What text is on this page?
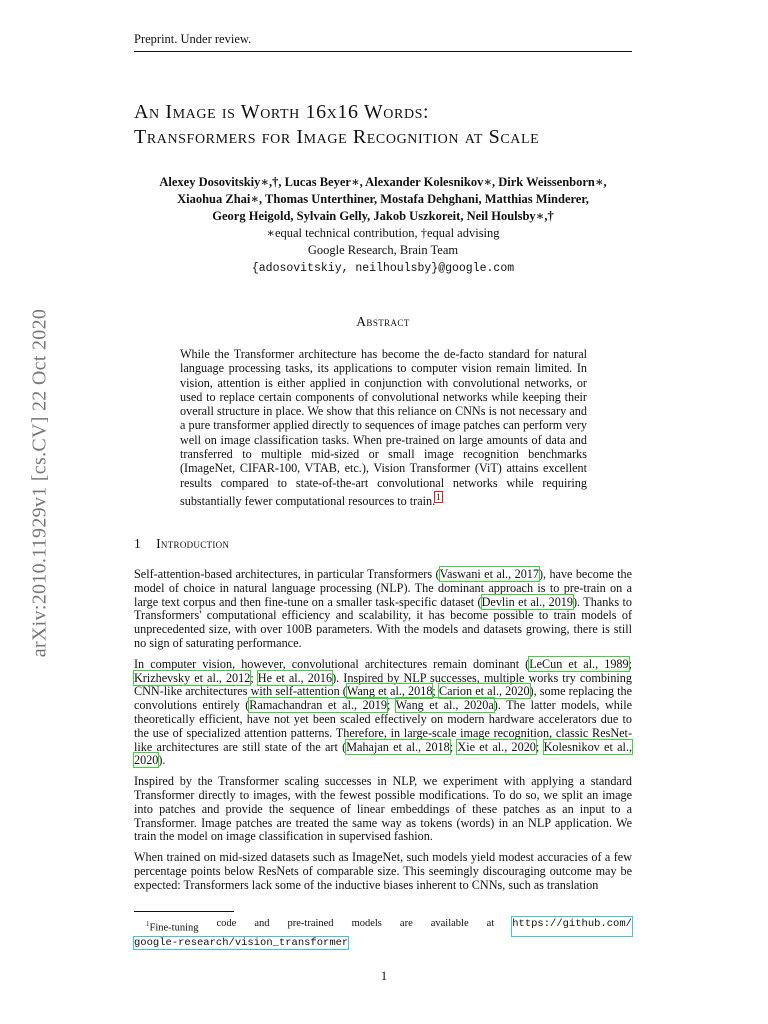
Preprint. Under review.
arXiv:2010.11929v1 [cs.CV] 22 Oct 2020
An Image is Worth 16x16 Words:
Transformers for Image Recognition at Scale
Alexey Dosovitskiy∗,†, Lucas Beyer∗, Alexander Kolesnikov∗, Dirk Weissenborn∗,
Xiaohua Zhai∗, Thomas Unterthiner, Mostafa Dehghani, Matthias Minderer,
Georg Heigold, Sylvain Gelly, Jakob Uszkoreit, Neil Houlsby∗,†
∗equal technical contribution, †equal advising
Google Research, Brain Team
{adosovitskiy, neilhoulsby}@google.com
Abstract
While the Transformer architecture has become the de-facto standard for natural language processing tasks, its applications to computer vision remain limited. In vision, attention is either applied in conjunction with convolutional networks, or used to replace certain components of convolutional networks while keeping their overall structure in place. We show that this reliance on CNNs is not necessary and a pure transformer applied directly to sequences of image patches can perform very well on image classification tasks. When pre-trained on large amounts of data and transferred to multiple mid-sized or small image recognition benchmarks (ImageNet, CIFAR-100, VTAB, etc.), Vision Transformer (ViT) attains excellent results compared to state-of-the-art convolutional networks while requiring substantially fewer computational resources to train.$^1$
1 Introduction

Self-attention-based architectures, in particular Transformers (Vaswani et al., 2017), have become the model of choice in natural language processing (NLP). The dominant approach is to pre-train on a large text corpus and then fine-tune on a smaller task-specific dataset (Devlin et al., 2019). Thanks to Transformers' computational efficiency and scalability, it has become possible to train models of unprecedented size, with over 100B parameters. With the models and datasets growing, there is still no sign of saturating performance.

In computer vision, however, convolutional architectures remain dominant (LeCun et al., 1989; Krizhevsky et al., 2012; He et al., 2016). Inspired by NLP successes, multiple works try combining CNN-like architectures with self-attention (Wang et al., 2018; Carion et al., 2020), some replacing the convolutions entirely (Ramachandran et al., 2019; Wang et al., 2020a). The latter models, while theoretically efficient, have not yet been scaled effectively on modern hardware accelerators due to the use of specialized attention patterns. Therefore, in large-scale image recognition, classic ResNet-like architectures are still state of the art (Mahajan et al., 2018; Xie et al., 2020; Kolesnikov et al., 2020).

Inspired by the Transformer scaling successes in NLP, we experiment with applying a standard Transformer directly to images, with the fewest possible modifications. To do so, we split an image into patches and provide the sequence of linear embeddings of these patches as an input to a Transformer. Image patches are treated the same way as tokens (words) in an NLP application. We train the model on image classification in supervised fashion.

When trained on mid-sized datasets such as ImageNet, such models yield modest accuracies of a few percentage points below ResNets of comparable size. This seemingly discouraging outcome may be expected: Transformers lack some of the inductive biases inherent to CNNs, such as translation

$^1$Fine-tuning code and pre-trained models are available at https://github.com/
google-research/vision_transformer
1
